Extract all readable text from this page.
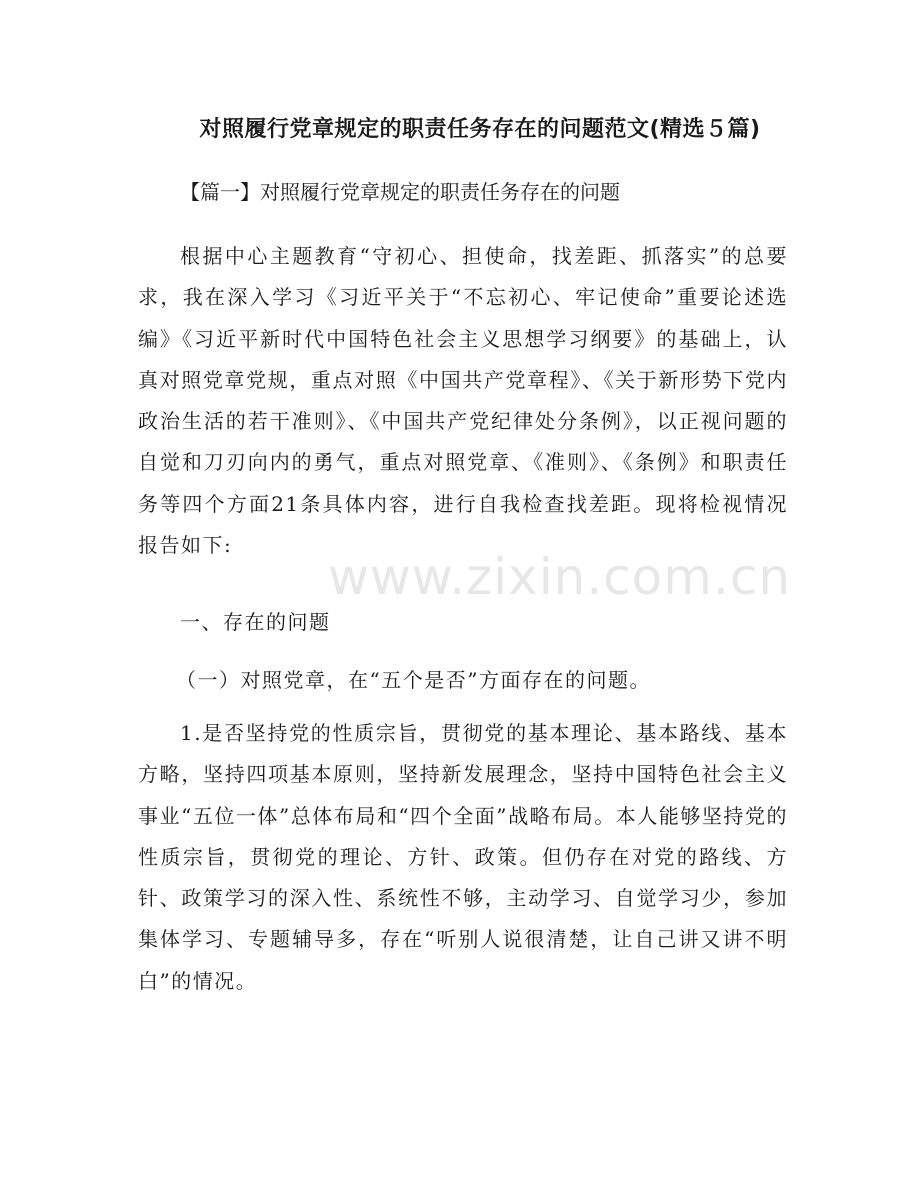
对照履行党章规定的职责任务存在的问题范文(精选５篇)
【篇一】对照履行党章规定的职责任务存在的问题

根据中心主题教育“守初心、担使命，找差距、抓落实”的总要求，我在深入学习《习近平关于“不忘初心、牢记使命”重要论述选编》《习近平新时代中国特色社会主义思想学习纲要》的基础上，认真对照党章党规，重点对照《中国共产党章程》、《关于新形势下党内政治生活的若干准则》、《中国共产党纪律处分条例》，以正视问题的自觉和刀刃向内的勇气，重点对照党章、《准则》、《条例》和职责任务等四个方面21条具体内容，进行自我检查找差距。现将检视情况报告如下:

一、存在的问题
（一）对照党章，在“五个是否”方面存在的问题。

1.是否坚持党的性质宗旨，贯彻党的基本理论、基本路线、基本方略，坚持四项基本原则，坚持新发展理念，坚持中国特色社会主义事业“五位一体”总体布局和“四个全面”战略布局。本人能够坚持党的性质宗旨，贯彻党的理论、方针、政策。但仍存在对党的路线、方针、政策学习的深入性、系统性不够，主动学习、自觉学习少，参加集体学习、专题辅导多，存在“听别人说很清楚，让自己讲又讲不明白”的情况。

www.zixin.com.cn
